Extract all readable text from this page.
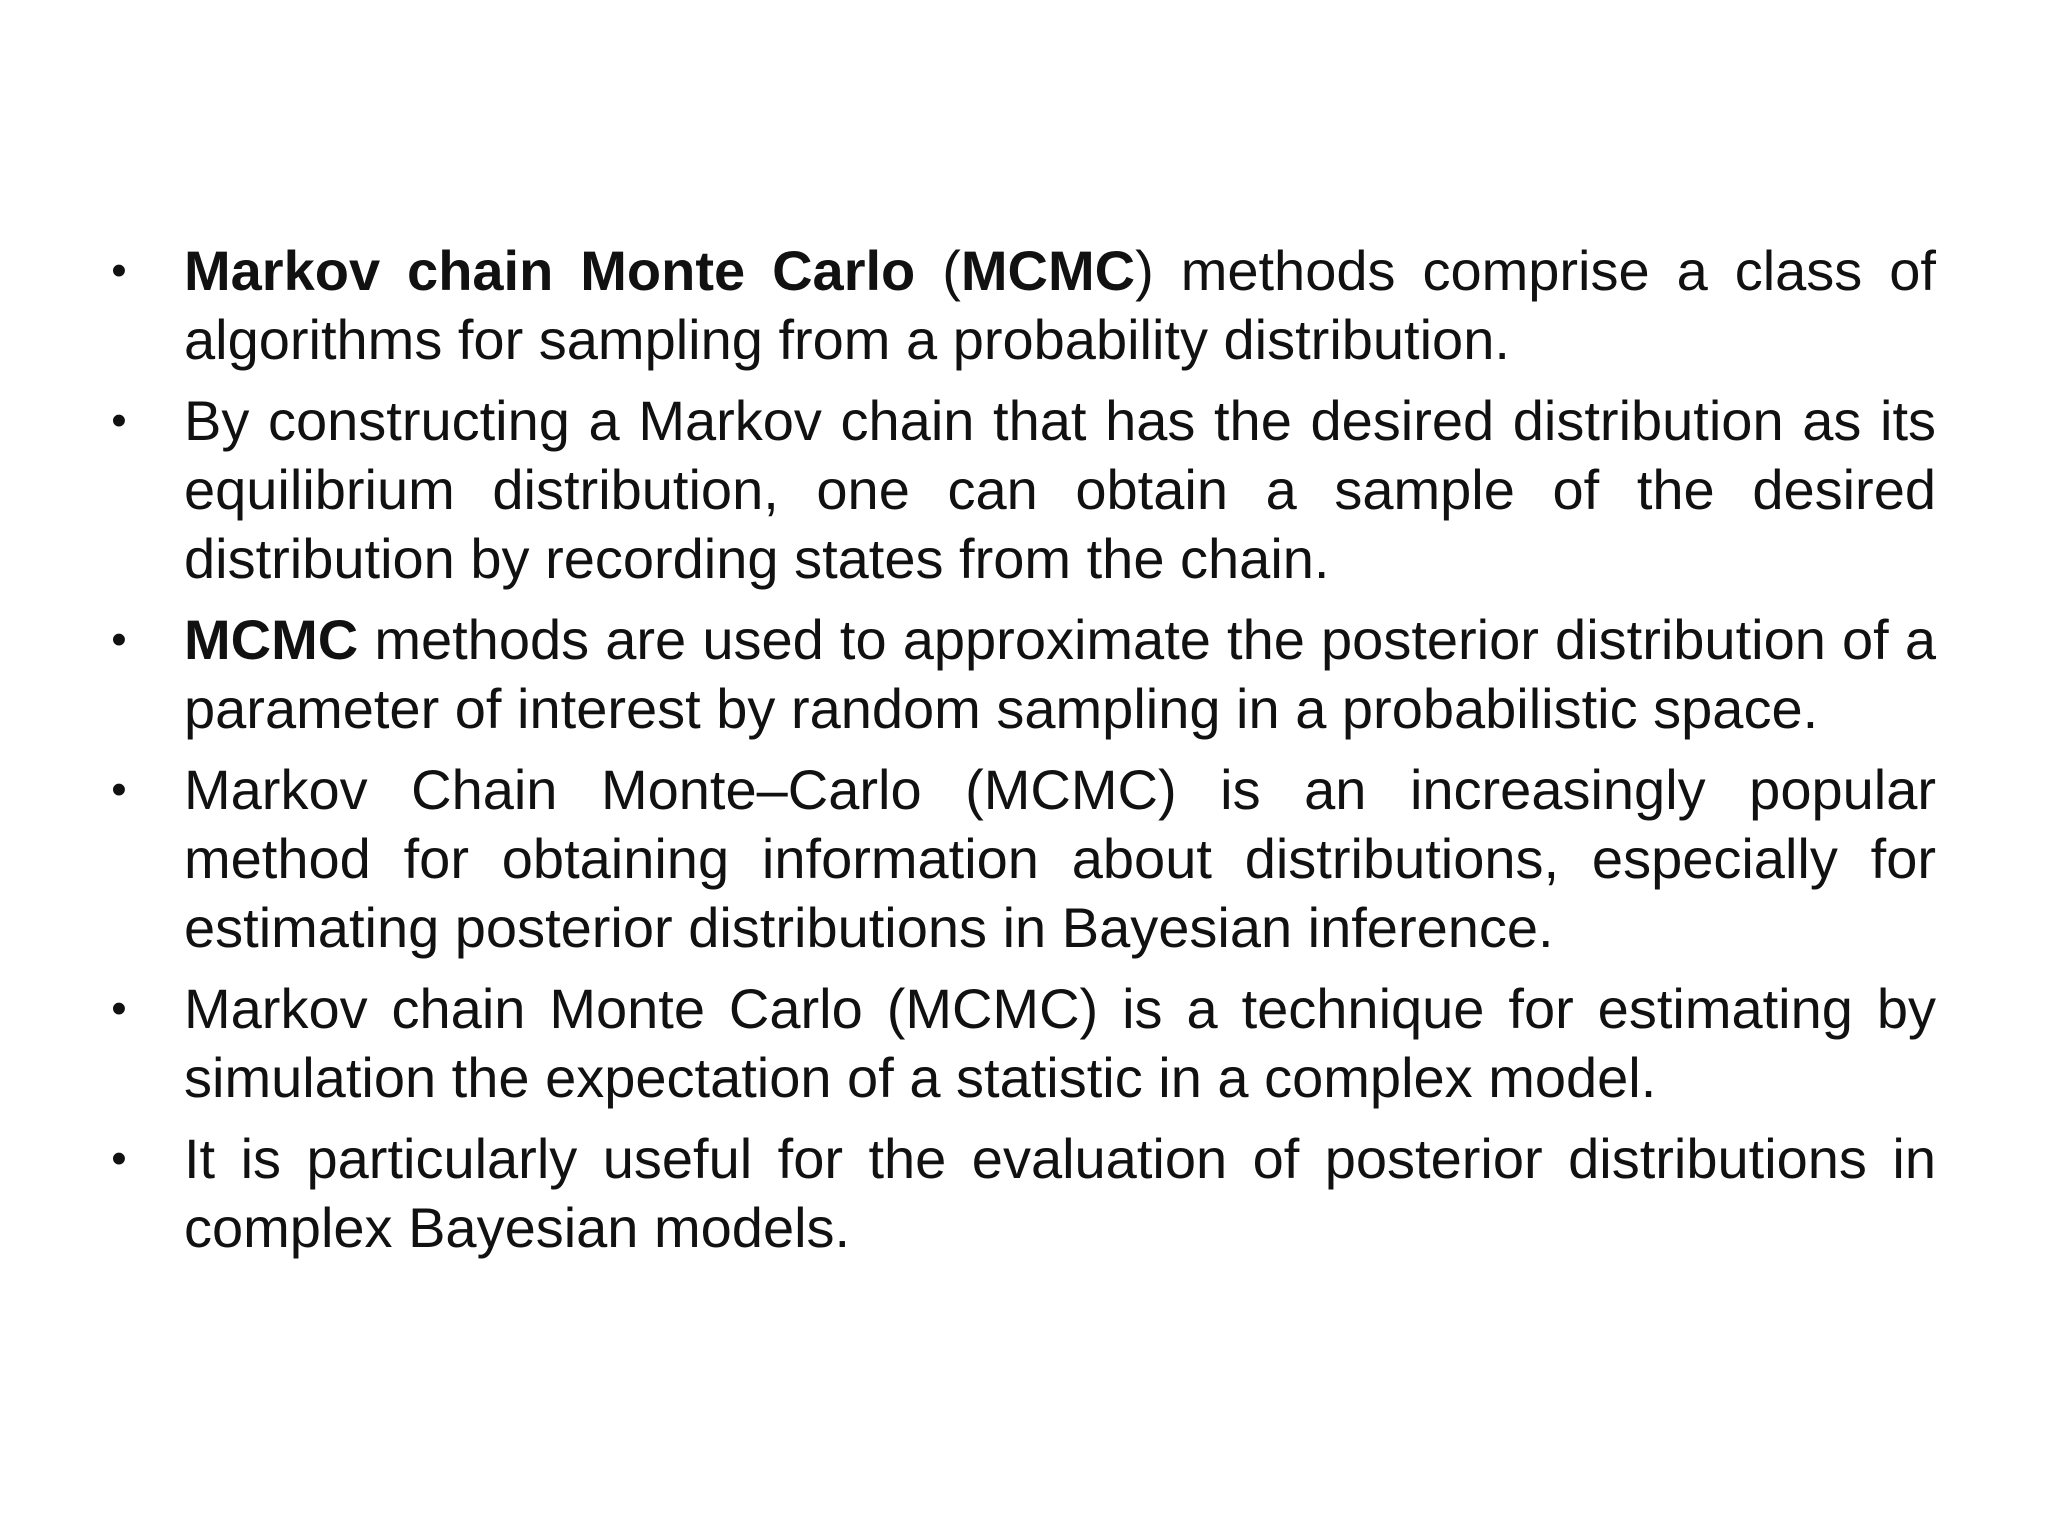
• Markov chain Monte Carlo (MCMC) methods comprise a class of algorithms for sampling from a probability distribution.
• By constructing a Markov chain that has the desired distribution as its equilibrium distribution, one can obtain a sample of the desired distribution by recording states from the chain.
• MCMC methods are used to approximate the posterior distribution of a parameter of interest by random sampling in a probabilistic space.
• Markov Chain Monte–Carlo (MCMC) is an increasingly popular method for obtaining information about distributions, especially for estimating posterior distributions in Bayesian inference.
• Markov chain Monte Carlo (MCMC) is a technique for estimating by simulation the expectation of a statistic in a complex model.
• It is particularly useful for the evaluation of posterior distributions in complex Bayesian models.
